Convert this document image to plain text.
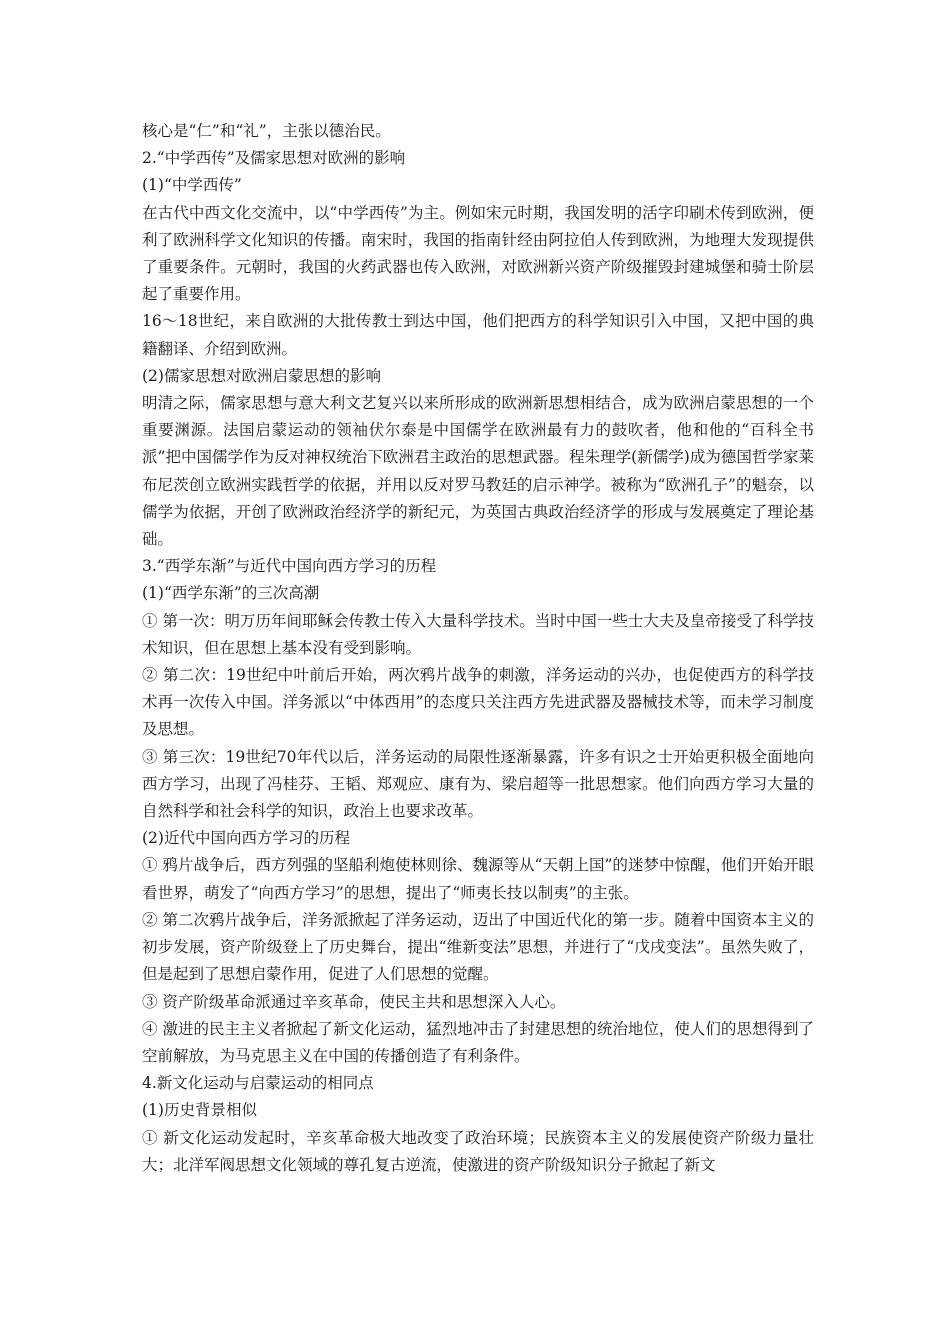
核心是“仁”和“礼”，主张以德治民。

2.“中学西传”及儒家思想对欧洲的影响

(1)“中学西传”

在古代中西文化交流中，以“中学西传”为主。例如宋元时期，我国发明的活字印刷术传到欧洲，便利了欧洲科学文化知识的传播。南宋时，我国的指南针经由阿拉伯人传到欧洲，为地理大发现提供了重要条件。元朝时，我国的火药武器也传入欧洲，对欧洲新兴资产阶级摧毁封建城堡和骑士阶层起了重要作用。

16～18世纪，来自欧洲的大批传教士到达中国，他们把西方的科学知识引入中国，又把中国的典籍翻译、介绍到欧洲。

(2)儒家思想对欧洲启蒙思想的影响

明清之际，儒家思想与意大利文艺复兴以来所形成的欧洲新思想相结合，成为欧洲启蒙思想的一个重要渊源。法国启蒙运动的领袖伏尔泰是中国儒学在欧洲最有力的鼓吹者，他和他的“百科全书派”把中国儒学作为反对神权统治下欧洲君主政治的思想武器。程朱理学(新儒学)成为德国哲学家莱布尼茨创立欧洲实践哲学的依据，并用以反对罗马教廷的启示神学。被称为“欧洲孔子”的魁奈，以儒学为依据，开创了欧洲政治经济学的新纪元，为英国古典政治经济学的形成与发展奠定了理论基础。

3.“西学东渐”与近代中国向西方学习的历程

(1)“西学东渐”的三次高潮

① 第一次：明万历年间耶稣会传教士传入大量科学技术。当时中国一些士大夫及皇帝接受了科学技术知识，但在思想上基本没有受到影响。

② 第二次：19世纪中叶前后开始，两次鸦片战争的刺激，洋务运动的兴办，也促使西方的科学技术再一次传入中国。洋务派以“中体西用”的态度只关注西方先进武器及器械技术等，而未学习制度及思想。

③ 第三次：19世纪70年代以后，洋务运动的局限性逐渐暴露，许多有识之士开始更积极全面地向西方学习，出现了冯桂芬、王韬、郑观应、康有为、梁启超等一批思想家。他们向西方学习大量的自然科学和社会科学的知识，政治上也要求改革。

(2)近代中国向西方学习的历程

① 鸦片战争后，西方列强的坚船利炮使林则徐、魏源等从“天朝上国”的迷梦中惊醒，他们开始开眼看世界，萌发了“向西方学习”的思想，提出了“师夷长技以制夷”的主张。

② 第二次鸦片战争后，洋务派掀起了洋务运动，迈出了中国近代化的第一步。随着中国资本主义的初步发展，资产阶级登上了历史舞台，提出“维新变法”思想，并进行了“戊戌变法”。虽然失败了，但是起到了思想启蒙作用，促进了人们思想的觉醒。

③ 资产阶级革命派通过辛亥革命，使民主共和思想深入人心。

④ 激进的民主主义者掀起了新文化运动，猛烈地冲击了封建思想的统治地位，使人们的思想得到了空前解放，为马克思主义在中国的传播创造了有利条件。

4.新文化运动与启蒙运动的相同点

(1)历史背景相似

① 新文化运动发起时，辛亥革命极大地改变了政治环境；民族资本主义的发展使资产阶级力量壮大；北洋军阀思想文化领域的尊孔复古逆流，使激进的资产阶级知识分子掀起了新文
